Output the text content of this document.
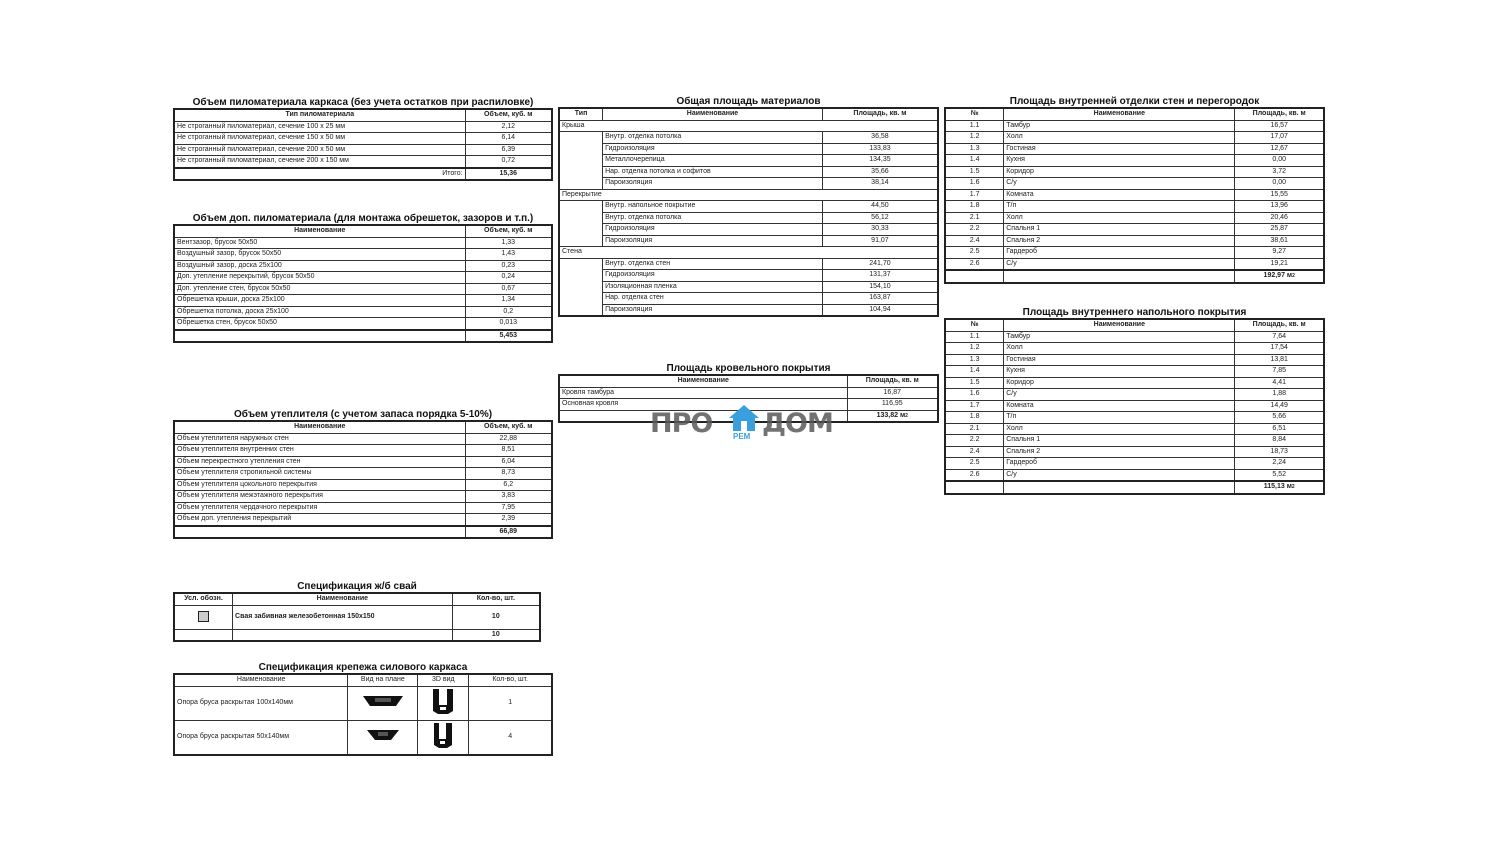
Объем пиломатериала каркаса (без учета остатков при распиловке)
Тип пиломатериала	Объем, куб. м
Не строганный пиломатериал, сечение 100 x 25 мм	2,12
Не строганный пиломатериал, сечение 150 x 50 мм	6,14
Не строганный пиломатериал, сечение 200 x 50 мм	6,39
Не строганный пиломатериал, сечение 200 x 150 мм	0,72
Итого:	15,36
Объем доп. пиломатериала (для монтажа обрешеток, зазоров и т.п.)
Наименование	Объем, куб. м
Вентзазор, брусок 50x50	1,33
Воздушный зазор, брусок 50x50	1,43
Воздушный зазор, доска 25x100	0,23
Доп. утепление перекрытий, брусок 50x50	0,24
Доп. утепление стен, брусок 50x50	0,67
Обрешетка крыши, доска 25x100	1,34
Обрешетка потолка, доска 25x100	0,2
Обрешетка стен, брусок 50x50	0,013
	5,453
Объем утеплителя (с учетом запаса порядка 5-10%)
Наименование	Объем, куб. м
Объем утеплителя наружных стен	22,88
Объем утеплителя внутренних стен	8,51
Объем перекрестного утепления стен	6,04
Объем утеплителя стропильной системы	8,73
Объем утеплителя цокольного перекрытия	6,2
Объем утеплителя межэтажного перекрытия	3,83
Объем утеплителя чердачного перекрытия	7,95
Объем доп. утепления перекрытий	2,39
	66,89
Спецификация ж/б свай
Усл. обозн.	Наименование	Кол-во, шт.
	Свая забивная железобетонная 150x150	10
		10
Спецификация крепежа силового каркаса
Наименование	Вид на плане	3D вид	Кол-во, шт.
Опора бруса раскрытая 100x140мм			1
Опора бруса раскрытая 50x140мм			4
Общая площадь материалов
Тип	Наименование	Площадь, кв. м
Крыша		
	Внутр. отделка потолка	36,58
	Гидроизоляция	133,83
	Металлочерепица	134,35
	Нар. отделка потолка и софитов	35,66
	Пароизоляция	38,14
Перекрытие		
	Внутр. напольное покрытие	44,50
	Внутр. отделка потолка	56,12
	Гидроизоляция	30,33
	Пароизоляция	91,07
Стена		
	Внутр. отделка стен	241,70
	Гидроизоляция	131,37
	Изоляционная пленка	154,10
	Нар. отделка стен	163,87
	Пароизоляция	104,94
Площадь кровельного покрытия
Наименование	Площадь, кв. м
Кровля тамбура	16,87
Основная кровля	116,95
	133,82 $м^2$
ПРО ДОМ
РЕМ
Площадь внутренней отделки стен и перегородок
№	Наименование	Площадь, кв. м
1.1	Тамбур	16,57
1.2	Холл	17,07
1.3	Гостиная	12,67
1.4	Кухня	0,00
1.5	Коридор	3,72
1.6	С/у	0,00
1.7	Комната	15,55
1.8	Т/п	13,96
2.1	Холл	20,46
2.2	Спальня 1	25,87
2.4	Спальня 2	38,61
2.5	Гардероб	9,27
2.6	С/у	19,21
		192,97 $м^2$
Площадь внутреннего напольного покрытия
№	Наименование	Площадь, кв. м
1.1	Тамбур	7,64
1.2	Холл	17,54
1.3	Гостиная	13,81
1.4	Кухня	7,85
1.5	Коридор	4,41
1.6	С/у	1,88
1.7	Комната	14,49
1.8	Т/п	5,66
2.1	Холл	6,51
2.2	Спальня 1	8,84
2.4	Спальня 2	18,73
2.5	Гардероб	2,24
2.6	С/у	5,52
		115,13 $м^2$
